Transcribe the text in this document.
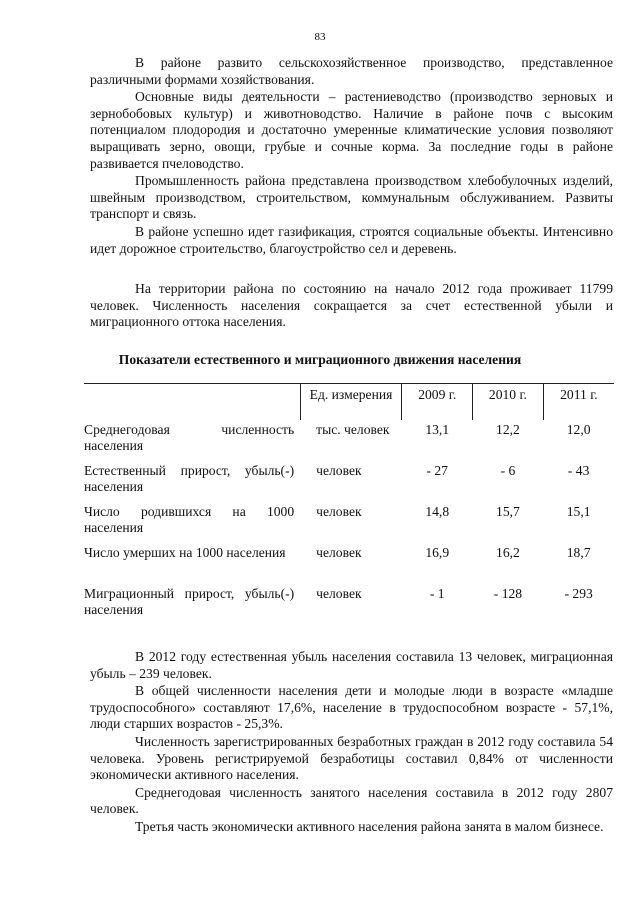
83

В районе развито сельскохозяйственное производство, представленное различными формами хозяйствования.

Основные виды деятельности – растениеводство (производство зерновых и зернобобовых культур) и животноводство. Наличие в районе почв с высоким потенциалом плодородия и достаточно умеренные климатические условия позволяют выращивать зерно, овощи, грубые и сочные корма. За последние годы в районе развивается пчеловодство.

Промышленность района представлена производством хлебобулочных изделий, швейным производством, строительством, коммунальным обслуживанием. Развиты транспорт и связь.

В районе успешно идет газификация, строятся социальные объекты. Интенсивно идет дорожное строительство, благоустройство сел и деревень.

На территории района по состоянию на начало 2012 года проживает 11799 человек. Численность населения сокращается за счет естественной убыли и миграционного оттока населения.

Показатели естественного и миграционного движения населения
	Ед. измерения	2009 г.	2010 г.	2011 г.
Среднегодовая численность населения	тыс. человек	13,1	12,2	12,0
Естественный прирост, убыль(-) населения	человек	- 27	- 6	- 43
Число родившихся на 1000 населения	человек	14,8	15,7	15,1
Число умерших на 1000 населения	человек	16,9	16,2	18,7
Миграционный прирост, убыль(-) населения	человек	- 1	- 128	- 293

В 2012 году естественная убыль населения составила 13 человек, миграционная убыль – 239 человек.

В общей численности населения дети и молодые люди в возрасте «младше трудоспособного» составляют 17,6%, население в трудоспособном возрасте - 57,1%, люди старших возрастов - 25,3%.

Численность зарегистрированных безработных граждан в 2012 году составила 54 человека. Уровень регистрируемой безработицы составил 0,84% от численности экономически активного населения.

Среднегодовая численность занятого населения составила в 2012 году 2807 человек.

Третья часть экономически активного населения района занята в малом бизнесе.
